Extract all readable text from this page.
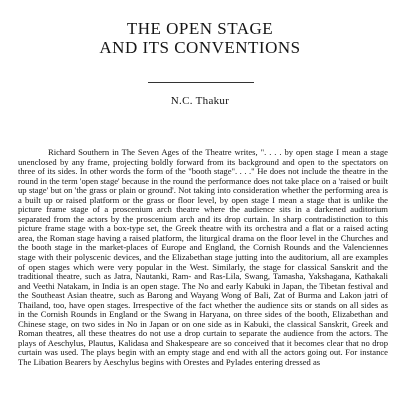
THE OPEN STAGE
AND ITS CONVENTIONS
N.C. Thakur

Richard Southern in The Seven Ages of the Theatre writes, ". . . . by open stage I mean a stage unenclosed by any frame, projecting boldly forward from its background and open to the spectators on three of its sides. In other words the form of the "booth stage". . . ." He does not include the theatre in the round in the term 'open stage' because in the round the performance does not take place on a 'raised or built up stage' but on 'the grass or plain or ground'. Not taking into consideration whether the performing area is a built up or raised platform or the grass or floor level, by open stage I mean a stage that is unlike the picture frame stage of a proscenium arch theatre where the audience sits in a darkened auditorium separated from the actors by the proscenium arch and its drop curtain. In sharp contradistinction to this picture frame stage with a box-type set, the Greek theatre with its orchestra and a flat or a raised acting area, the Roman stage having a raised platform, the liturgical drama on the floor level in the Churches and the booth stage in the market-places of Europe and England, the Cornish Rounds and the Valenciennes stage with their polyscenic devices, and the Elizabethan stage jutting into the auditorium, all are examples of open stages which were very popular in the West. Similarly, the stage for classical Sanskrit and the traditional theatre, such as Jatra, Nautanki, Ram- and Ras-Lila, Swang, Tamasha, Yakshagana, Kathakali and Veethi Natakam, in India is an open stage. The No and early Kabuki in Japan, the Tibetan festival and the Southeast Asian theatre, such as Barong and Wayang Wong of Bali, Zat of Burma and Lakon jatri of Thailand, too, have open stages. Irrespective of the fact whether the audience sits or stands on all sides as in the Cornish Rounds in England or the Swang in Haryana, on three sides of the booth, Elizabethan and Chinese stage, on two sides in No in Japan or on one side as in Kabuki, the classical Sanskrit, Greek and Roman theatres, all these theatres do not use a drop curtain to separate the audience from the actors. The plays of Aeschylus, Plautus, Kalidasa and Shakespeare are so conceived that it becomes clear that no drop curtain was used. The plays begin with an empty stage and end with all the actors going out. For instance The Libation Bearers by Aeschylus begins with Orestes and Pylades entering dressed as
